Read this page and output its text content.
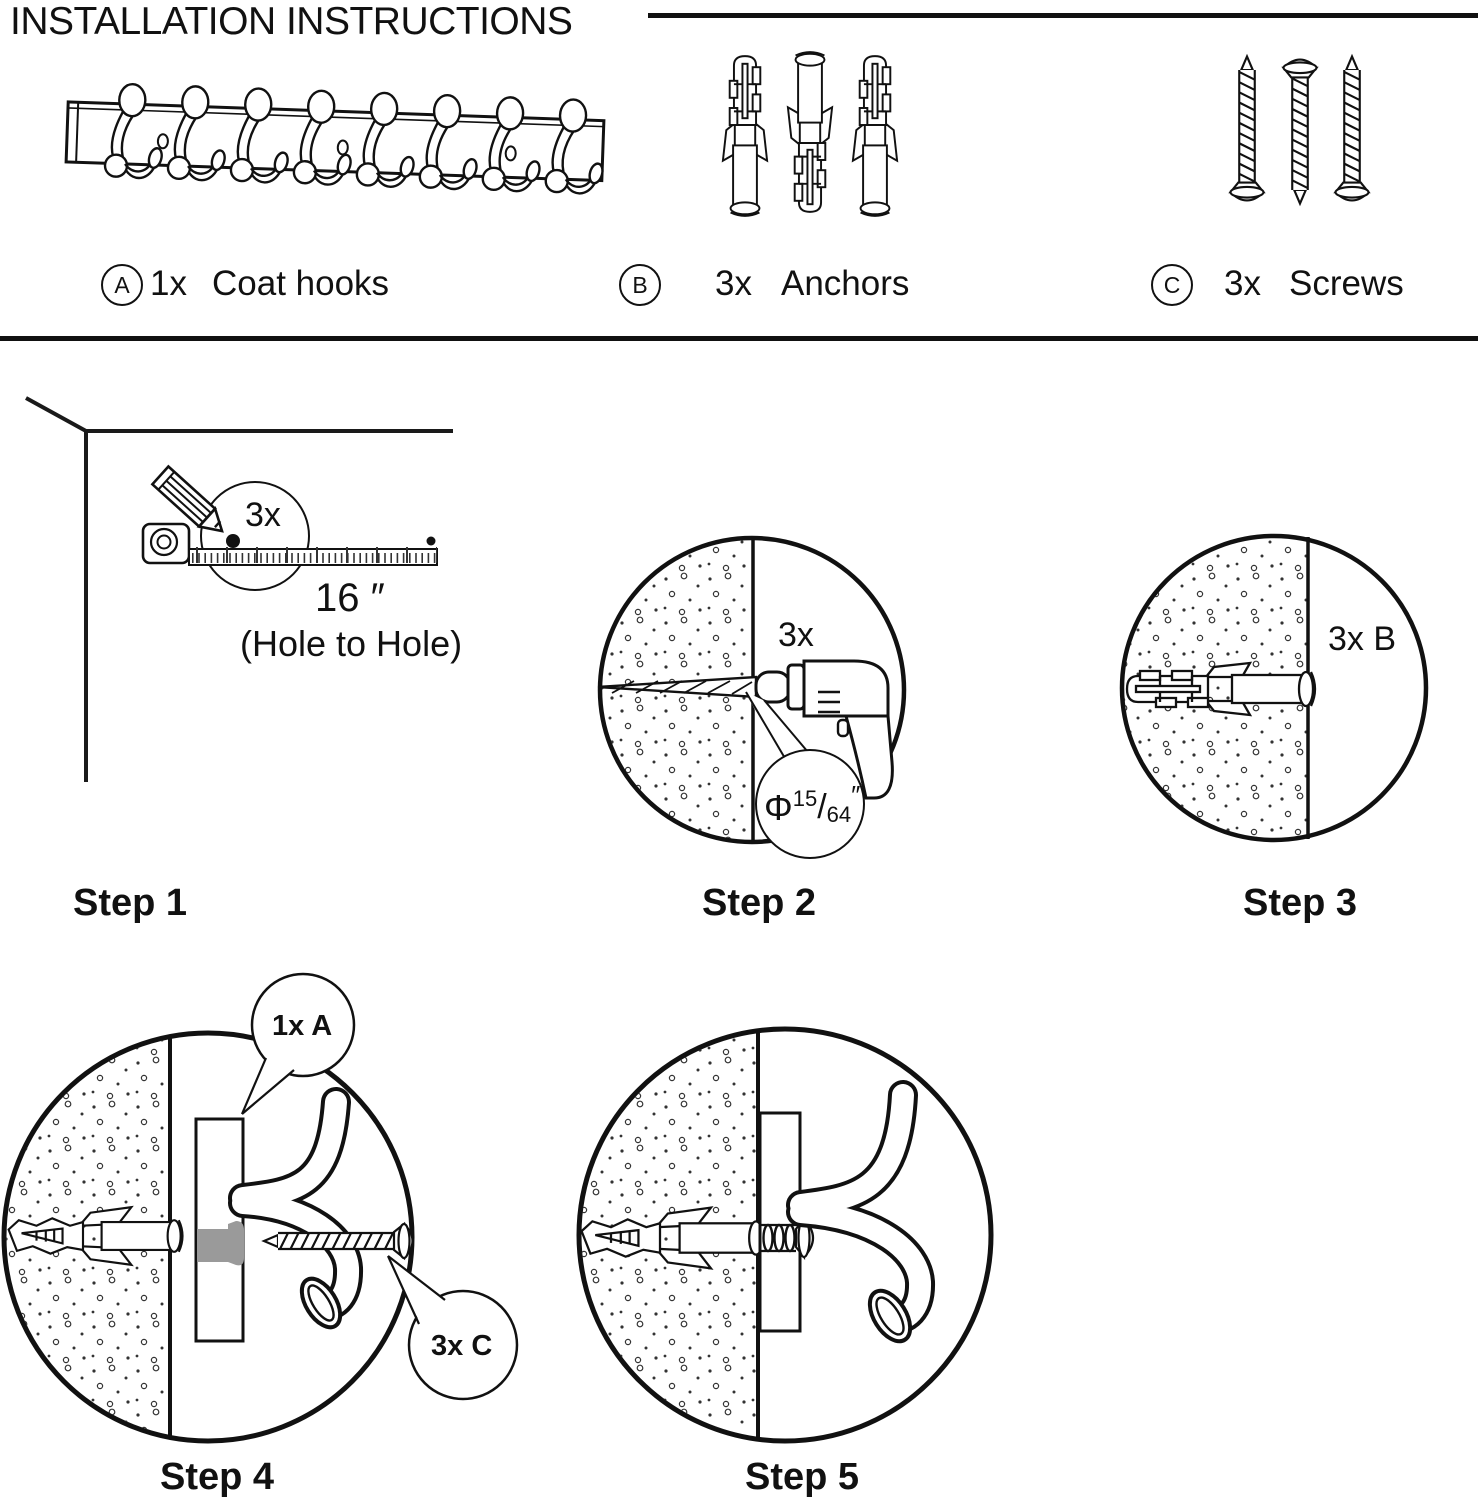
INSTALLATION INSTRUCTIONS
A 1x Coat hooks	B 3x Anchors	C 3x Screws
3x
16 ″
(Hole to Hole)
Step 1
3x
Φ$^{15}$/64″
Step 2
3x B
Step 3
1x A
3x C
Step 4	Step 5
